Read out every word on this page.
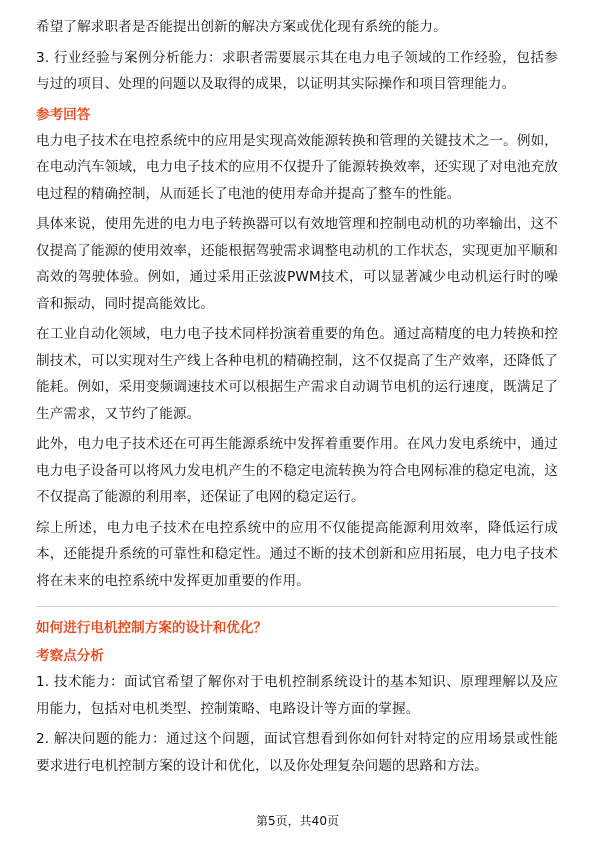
希望了解求职者是否能提出创新的解决方案或优化现有系统的能力。

3. 行业经验与案例分析能力：求职者需要展示其在电力电子领域的工作经验，包括参与过的项目、处理的问题以及取得的成果，以证明其实际操作和项目管理能力。

参考回答

电力电子技术在电控系统中的应用是实现高效能源转换和管理的关键技术之一。例如，在电动汽车领域，电力电子技术的应用不仅提升了能源转换效率，还实现了对电池充放电过程的精确控制，从而延长了电池的使用寿命并提高了整车的性能。

具体来说，使用先进的电力电子转换器可以有效地管理和控制电动机的功率输出，这不仅提高了能源的使用效率，还能根据驾驶需求调整电动机的工作状态，实现更加平顺和高效的驾驶体验。例如，通过采用正弦波PWM技术，可以显著减少电动机运行时的噪音和振动，同时提高能效比。

在工业自动化领域，电力电子技术同样扮演着重要的角色。通过高精度的电力转换和控制技术，可以实现对生产线上各种电机的精确控制，这不仅提高了生产效率，还降低了能耗。例如，采用变频调速技术可以根据生产需求自动调节电机的运行速度，既满足了生产需求，又节约了能源。

此外，电力电子技术还在可再生能源系统中发挥着重要作用。在风力发电系统中，通过电力电子设备可以将风力发电机产生的不稳定电流转换为符合电网标准的稳定电流，这不仅提高了能源的利用率，还保证了电网的稳定运行。

综上所述，电力电子技术在电控系统中的应用不仅能提高能源利用效率，降低运行成本，还能提升系统的可靠性和稳定性。通过不断的技术创新和应用拓展，电力电子技术将在未来的电控系统中发挥更加重要的作用。

如何进行电机控制方案的设计和优化？
考察点分析

1. 技术能力：面试官希望了解你对于电机控制系统设计的基本知识、原理理解以及应用能力，包括对电机类型、控制策略、电路设计等方面的掌握。

2. 解决问题的能力：通过这个问题，面试官想看到你如何针对特定的应用场景或性能要求进行电机控制方案的设计和优化，以及你处理复杂问题的思路和方法。

第5页，共40页
